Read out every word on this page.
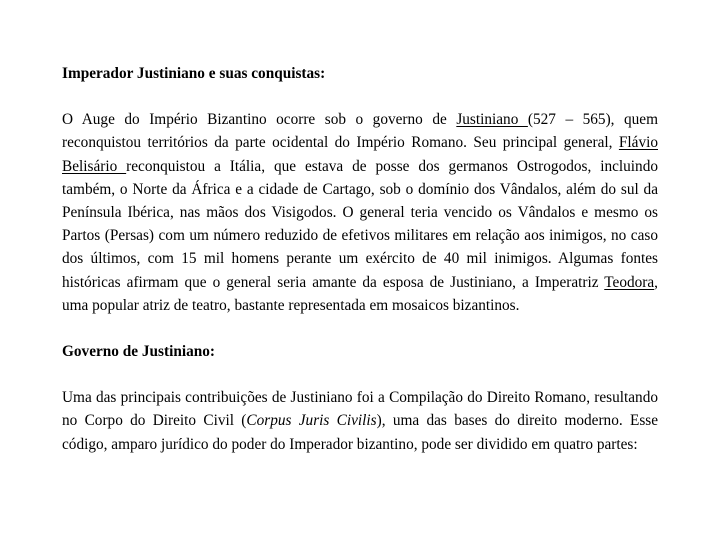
Imperador Justiniano e suas conquistas:

O Auge do Império Bizantino ocorre sob o governo de Justiniano (527 – 565), quem reconquistou territórios da parte ocidental do Império Romano. Seu principal general, Flávio Belisário reconquistou a Itália, que estava de posse dos germanos Ostrogodos, incluindo também, o Norte da África e a cidade de Cartago, sob o domínio dos Vândalos, além do sul da Península Ibérica, nas mãos dos Visigodos. O general teria vencido os Vândalos e mesmo os Partos (Persas) com um número reduzido de efetivos militares em relação aos inimigos, no caso dos últimos, com 15 mil homens perante um exército de 40 mil inimigos. Algumas fontes históricas afirmam que o general seria amante da esposa de Justiniano, a Imperatriz Teodora, uma popular atriz de teatro, bastante representada em mosaicos bizantinos.

Governo de Justiniano:

Uma das principais contribuições de Justiniano foi a Compilação do Direito Romano, resultando no Corpo do Direito Civil (Corpus Juris Civilis), uma das bases do direito moderno. Esse código, amparo jurídico do poder do Imperador bizantino, pode ser dividido em quatro partes:
